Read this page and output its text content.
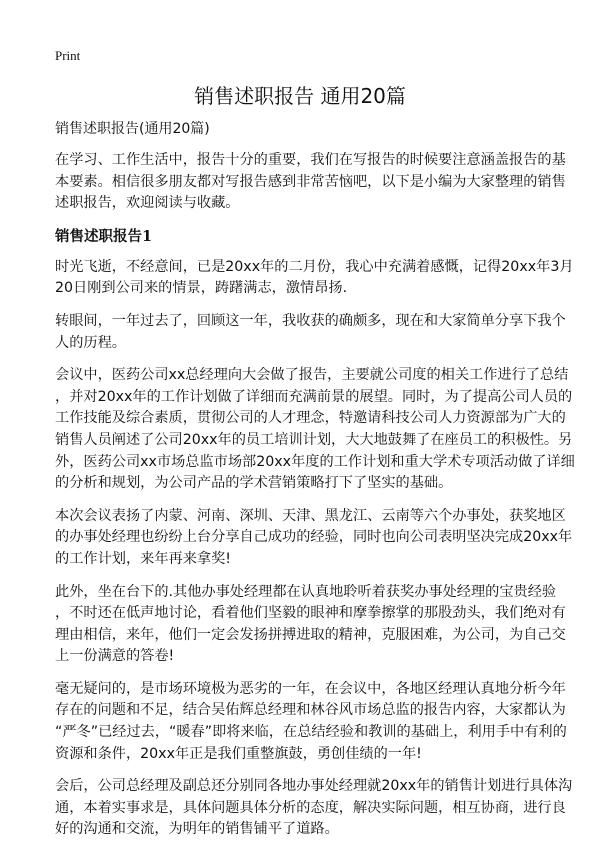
Print
销售述职报告 通用20篇
销售述职报告(通用20篇)
在学习、工作生活中，报告十分的重要，我们在写报告的时候要注意涵盖报告的基
本要素。相信很多朋友都对写报告感到非常苦恼吧，以下是小编为大家整理的销售
述职报告，欢迎阅读与收藏。
销售述职报告1
时光飞逝，不经意间，已是20xx年的二月份，我心中充满着感慨，记得20xx年3月
20日刚到公司来的情景，踌躇满志，激情昂扬.
转眼间，一年过去了，回顾这一年，我收获的确颇多，现在和大家简单分享下我个
人的历程。
会议中，医药公司xx总经理向大会做了报告，主要就公司度的相关工作进行了总结
，并对20xx年的工作计划做了详细而充满前景的展望。同时，为了提高公司人员的
工作技能及综合素质，贯彻公司的人才理念，特邀请科技公司人力资源部为广大的
销售人员阐述了公司20xx年的员工培训计划，大大地鼓舞了在座员工的积极性。另
外，医药公司xx市场总监市场部20xx年度的工作计划和重大学术专项活动做了详细
的分析和规划，为公司产品的学术营销策略打下了坚实的基础。
本次会议表扬了内蒙、河南、深圳、天津、黑龙江、云南等六个办事处，获奖地区
的办事处经理也纷纷上台分享自己成功的经验，同时也向公司表明坚决完成20xx年
的工作计划，来年再来拿奖!
此外，坐在台下的.其他办事处经理都在认真地聆听着获奖办事处经理的宝贵经验
，不时还在低声地讨论，看着他们坚毅的眼神和摩拳擦掌的那股劲头，我们绝对有
理由相信，来年，他们一定会发扬拼搏进取的精神，克服困难，为公司，为自己交
上一份满意的答卷!
毫无疑问的，是市场环境极为恶劣的一年，在会议中，各地区经理认真地分析今年
存在的问题和不足，结合吴佑辉总经理和林谷风市场总监的报告内容，大家都认为
“严冬”已经过去，“暖春”即将来临，在总结经验和教训的基础上，利用手中有利的
资源和条件，20xx年正是我们重整旗鼓，勇创佳绩的一年!
会后，公司总经理及副总还分别同各地办事处经理就20xx年的销售计划进行具体沟
通，本着实事求是，具体问题具体分析的态度，解决实际问题，相互协商，进行良
好的沟通和交流，为明年的销售铺平了道路。
